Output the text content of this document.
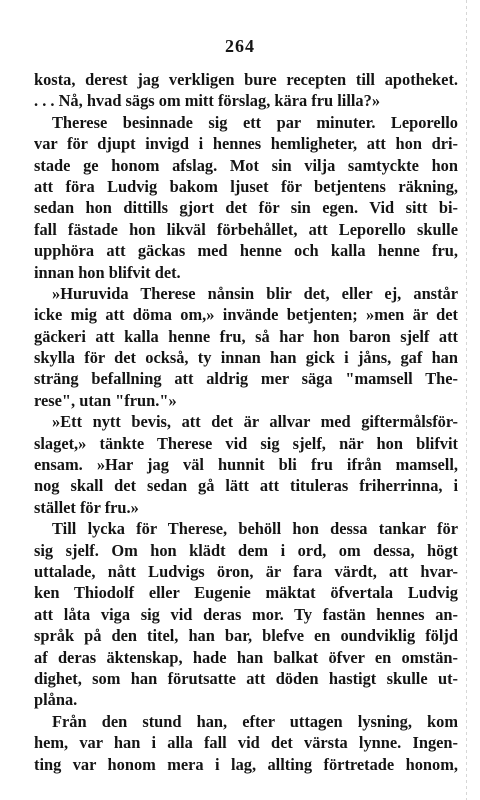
264
kosta, derest jag verkligen bure recepten till apotheket.
. . . Nå, hvad sägs om mitt förslag, kära fru lilla?»
Therese besinnade sig ett par minuter. Leporello
var för djupt invigd i hennes hemligheter, att hon dri-
stade ge honom afslag. Mot sin vilja samtyckte hon
att föra Ludvig bakom ljuset för betjentens räkning,
sedan hon dittills gjort det för sin egen. Vid sitt bi-
fall fästade hon likväl förbehållet, att Leporello skulle
upphöra att gäckas med henne och kalla henne fru,
innan hon blifvit det.
»Huruvida Therese nånsin blir det, eller ej, anstår
icke mig att döma om,» invände betjenten; »men är det
gäckeri att kalla henne fru, så har hon baron sjelf att
skylla för det också, ty innan han gick i jåns, gaf han
sträng befallning att aldrig mer säga "mamsell The-
rese", utan "frun."»
»Ett nytt bevis, att det är allvar med giftermålsför-
slaget,» tänkte Therese vid sig sjelf, när hon blifvit
ensam. »Har jag väl hunnit bli fru ifrån mamsell,
nog skall det sedan gå lätt att tituleras friherrinna, i
stället för fru.»
Till lycka för Therese, behöll hon dessa tankar för
sig sjelf. Om hon klädt dem i ord, om dessa, högt
uttalade, nått Ludvigs öron, är fara värdt, att hvar-
ken Thiodolf eller Eugenie mäktat öfvertala Ludvig
att låta viga sig vid deras mor. Ty fastän hennes an-
språk på den titel, han bar, blefve en oundviklig följd
af deras äktenskap, hade han balkat öfver en omstän-
dighet, som han förutsatte att döden hastigt skulle ut-
plåna.
Från den stund han, efter uttagen lysning, kom
hem, var han i alla fall vid det värsta lynne. Ingen-
ting var honom mera i lag, allting förtretade honom,
